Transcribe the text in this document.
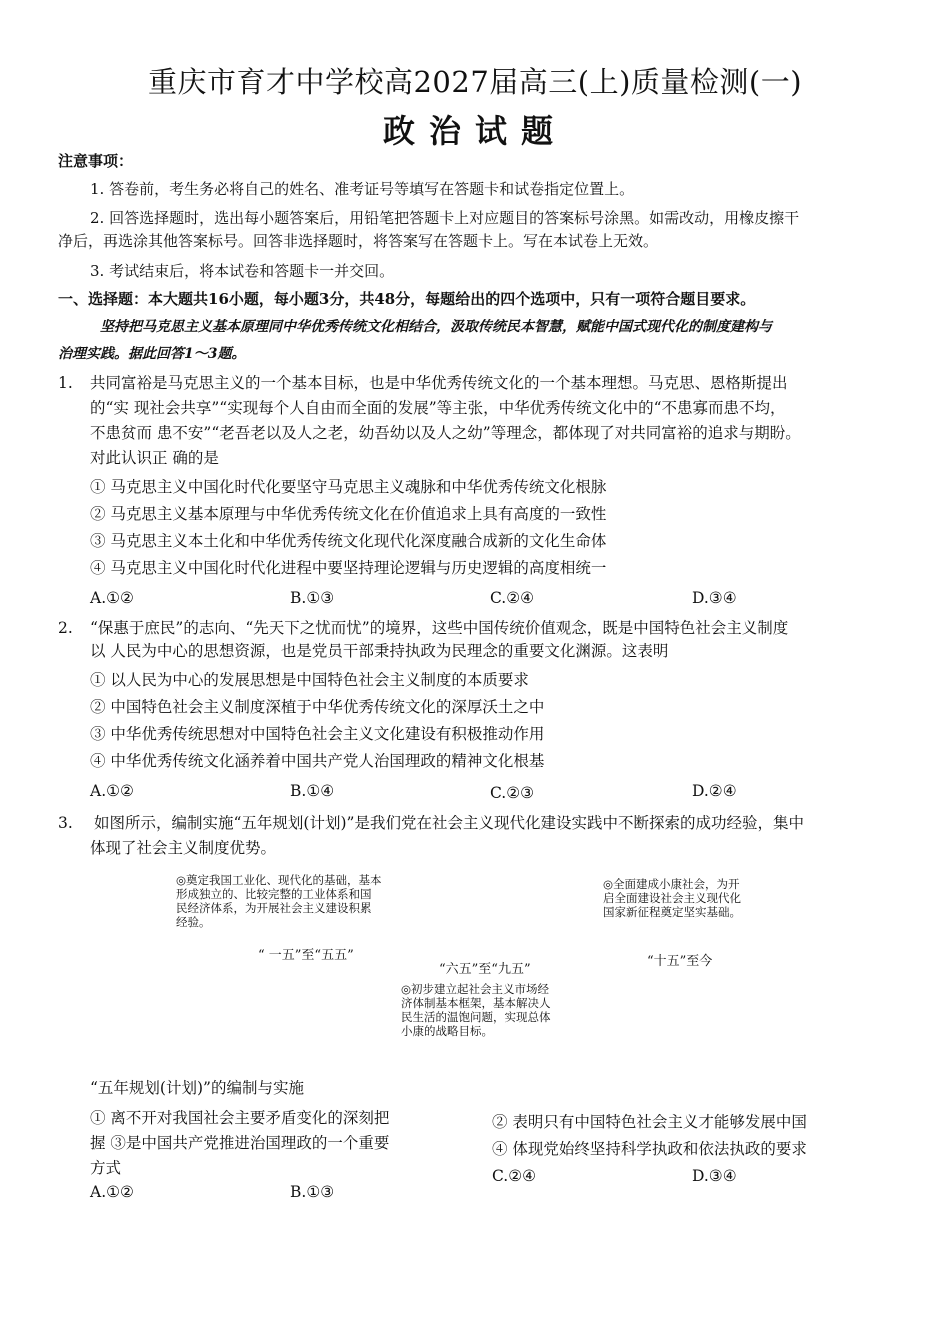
重庆市育才中学校高2027届高三(上)质量检测(一)
政治试题
注意事项：
1. 答卷前，考生务必将自己的姓名、准考证号等填写在答题卡和试卷指定位置上。
2. 回答选择题时，选出每小题答案后，用铅笔把答题卡上对应题目的答案标号涂黑。如需改动，用橡皮擦干
净后，再选涂其他答案标号。回答非选择题时，将答案写在答题卡上。写在本试卷上无效。
3. 考试结束后，将本试卷和答题卡一并交回。
一、选择题：本大题共16小题，每小题3分，共48分，每题给出的四个选项中，只有一项符合题目要求。
坚持把马克思主义基本原理同中华优秀传统文化相结合，汲取传统民本智慧，赋能中国式现代化的制度建构与
治理实践。据此回答1～3题。
1. 共同富裕是马克思主义的一个基本目标，也是中华优秀传统文化的一个基本理想。马克思、恩格斯提出
的“实 现社会共享”“实现每个人自由而全面的发展”等主张，中华优秀传统文化中的“不患寡而患不均，
不患贫而 患不安”“老吾老以及人之老，幼吾幼以及人之幼”等理念，都体现了对共同富裕的追求与期盼。
对此认识正 确的是
① 马克思主义中国化时代化要坚守马克思主义魂脉和中华优秀传统文化根脉
② 马克思主义基本原理与中华优秀传统文化在价值追求上具有高度的一致性
③ 马克思主义本土化和中华优秀传统文化现代化深度融合成新的文化生命体
④ 马克思主义中国化时代化进程中要坚持理论逻辑与历史逻辑的高度相统一
A.①②	B.①③	C.②④	D.③④
2. “保惠于庶民”的志向、“先天下之忧而忧”的境界，这些中国传统价值观念，既是中国特色社会主义制度
以 人民为中心的思想资源，也是党员干部秉持执政为民理念的重要文化渊源。这表明
① 以人民为中心的发展思想是中国特色社会主义制度的本质要求
② 中国特色社会主义制度深植于中华优秀传统文化的深厚沃土之中
③ 中华优秀传统思想对中国特色社会主义文化建设有积极推动作用
④ 中华优秀传统文化涵养着中国共产党人治国理政的精神文化根基
A.①②	B.①④	C.②③	D.②④
3. 如图所示，编制实施“五年规划(计划)”是我们党在社会主义现代化建设实践中不断探索的成功经验，集中
体现了社会主义制度优势。
◎奠定我国工业化、现代化的基础，基本形成独立的、比较完整的工业体系和国民经济体系，为开展社会主义建设积累经验。
“ 一五”至“五五”
“六五”至“九五”
◎初步建立起社会主义市场经济体制基本框架，基本解决人民生活的温饱问题，实现总体小康的战略目标。
◎全面建成小康社会，为开启全面建设社会主义现代化国家新征程奠定坚实基础。
“十五”至今
“五年规划(计划)”的编制与实施
① 离不开对我国社会主要矛盾变化的深刻把
握 ③是中国共产党推进治国理政的一个重要
方式
② 表明只有中国特色社会主义才能够发展中国
④ 体现党始终坚持科学执政和依法执政的要求
A.①②	B.①③
C.②④	D.③④
